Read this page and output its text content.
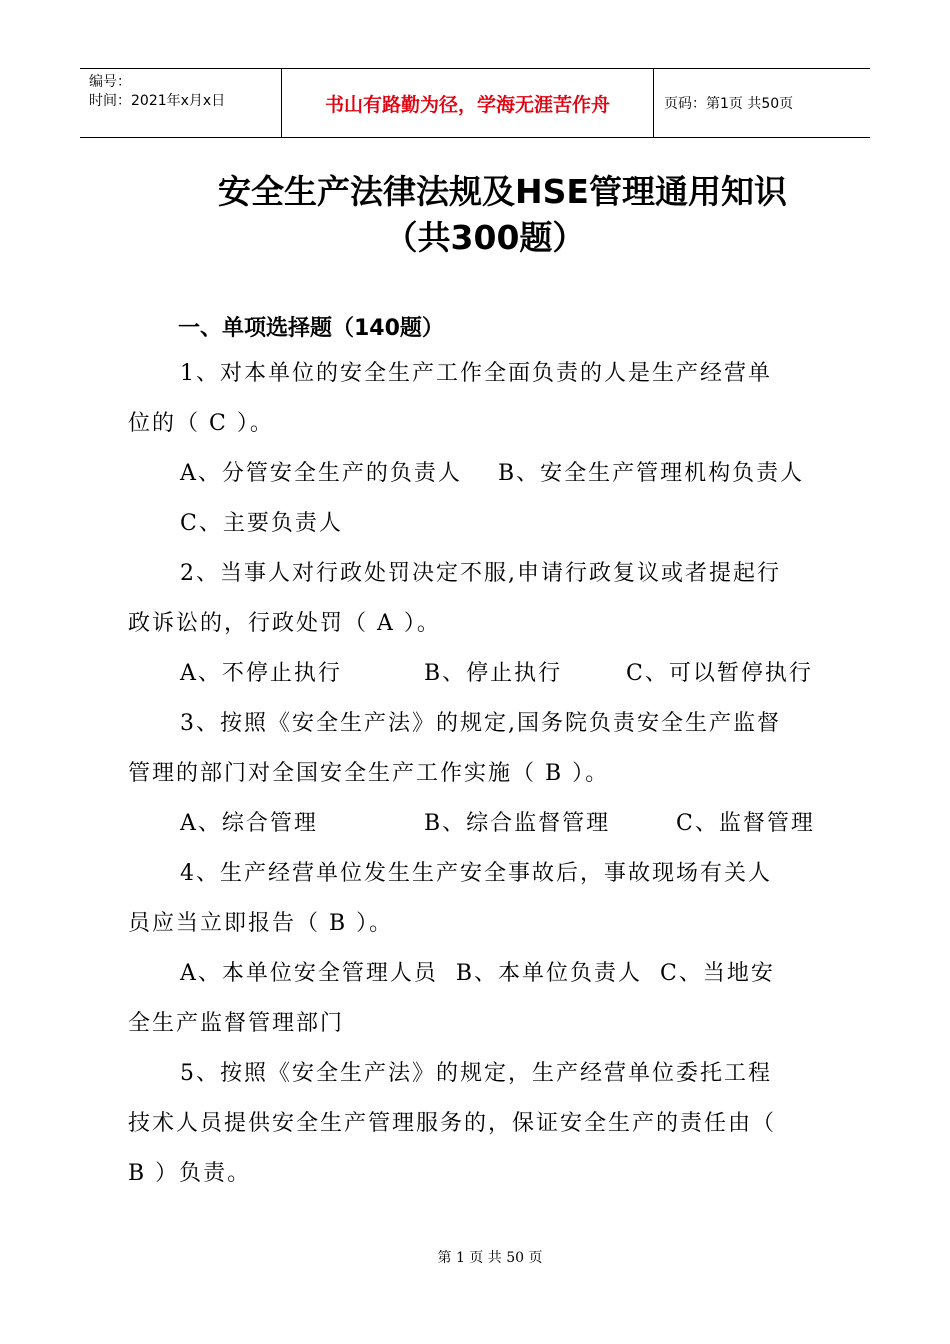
编号：
时间：2021年x月x日	书山有路勤为径，学海无涯苦作舟	页码：第1页 共50页
安全生产法律法规及HSE管理通用知识
（共300题）
一、单项选择题（140题）
1、对本单位的安全生产工作全面负责的人是生产经营单
位的（ C ）。
A、分管安全生产的负责人 B、安全生产管理机构负责人
C、主要负责人
2、当事人对行政处罚决定不服,申请行政复议或者提起行
政诉讼的，行政处罚（ A ）。
A、不停止执行	B、停止执行	C、可以暂停执行
3、按照《安全生产法》的规定,国务院负责安全生产监督
管理的部门对全国安全生产工作实施（ B ）。
A、综合管理	B、综合监督管理	C、监督管理
4、生产经营单位发生生产安全事故后，事故现场有关人
员应当立即报告（ B ）。
A、本单位安全管理人员  B、本单位负责人  C、当地安
全生产监督管理部门
5、按照《安全生产法》的规定，生产经营单位委托工程
技术人员提供安全生产管理服务的，保证安全生产的责任由（
B ）负责。
第 1 页 共 50 页
